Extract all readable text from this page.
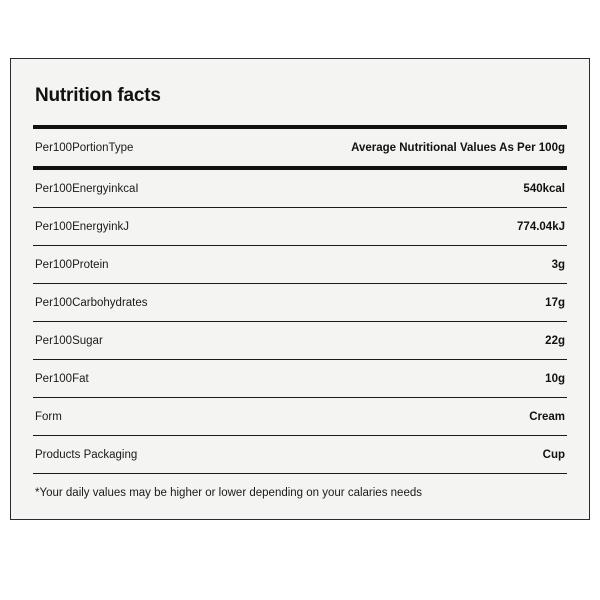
Nutrition facts
Per100PortionType	Average Nutritional Values As Per 100g
Per100EnergyinkcaI	540kcal
Per100EnergyinkJ	774.04kJ
Per100Protein	3g
Per100Carbohydrates	17g
Per100Sugar	22g
Per100Fat	10g
Form	Cream
Products Packaging	Cup
*Your daily values may be higher or lower depending on your calaries needs
